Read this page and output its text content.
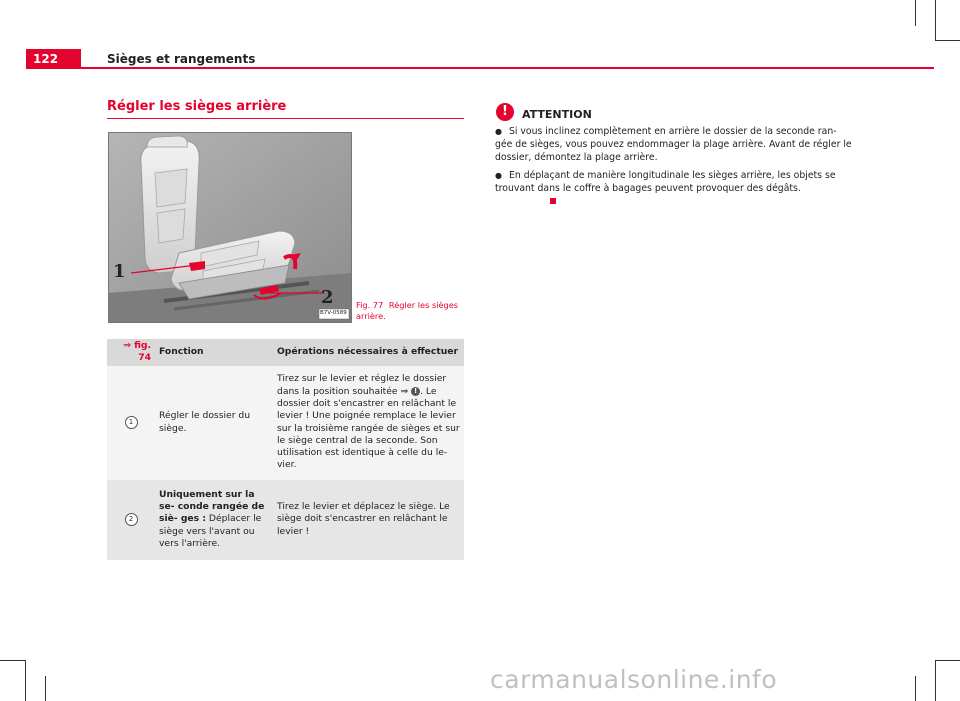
122	Sièges et rangements
Régler les sièges arrière
1
2
B7V-0589
Fig. 77 Régler les sièges arrière.
⇒ fig. 74	Fonction	Opérations nécessaires à effectuer
1	Régler le dossier du siège.	Tirez sur le levier et réglez le dossier dans la position souhaitée ⇒ ! . Le dossier doit s'encastrer en relâchant le levier ! Une poignée remplace le levier sur la troisième rangée de sièges et sur le siège central de la seconde. Son utilisation est identique à celle du le- vier.
2	Uniquement sur la se- conde rangée de siè- ges : Déplacer le siège vers l'avant ou vers l'arrière.	Tirez le levier et déplacez le siège. Le siège doit s'encastrer en relâchant le levier !
!	ATTENTION

● Si vous inclinez complètement en arrière le dossier de la seconde ran- gée de sièges, vous pouvez endommager la plage arrière. Avant de régler le dossier, démontez la plage arrière.

● En déplaçant de manière longitudinale les sièges arrière, les objets se trouvant dans le coffre à bagages peuvent provoquer des dégâts.

carmanualsonline.info
